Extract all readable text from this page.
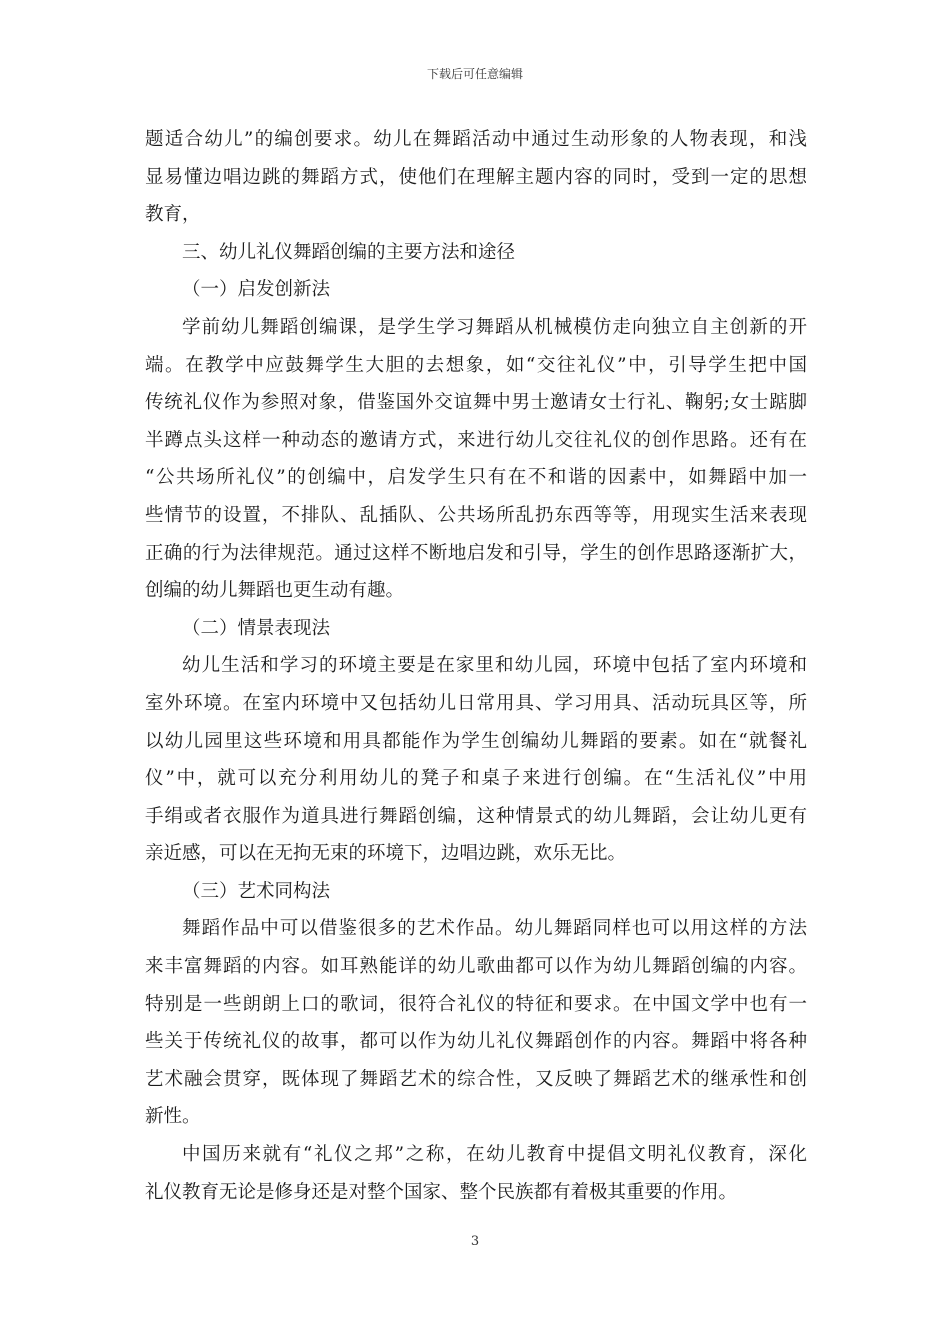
下载后可任意编辑
题适合幼儿”的编创要求。幼儿在舞蹈活动中通过生动形象的人物表现，和浅
显易懂边唱边跳的舞蹈方式，使他们在理解主题内容的同时，受到一定的思想
教育，
三、幼儿礼仪舞蹈创编的主要方法和途径
（一）启发创新法
学前幼儿舞蹈创编课，是学生学习舞蹈从机械模仿走向独立自主创新的开
端。在教学中应鼓舞学生大胆的去想象，如“交往礼仪”中，引导学生把中国
传统礼仪作为参照对象，借鉴国外交谊舞中男士邀请女士行礼、鞠躬;女士踮脚
半蹲点头这样一种动态的邀请方式，来进行幼儿交往礼仪的创作思路。还有在
“公共场所礼仪”的创编中，启发学生只有在不和谐的因素中，如舞蹈中加一
些情节的设置，不排队、乱插队、公共场所乱扔东西等等，用现实生活来表现
正确的行为法律规范。通过这样不断地启发和引导，学生的创作思路逐渐扩大，
创编的幼儿舞蹈也更生动有趣。
（二）情景表现法
幼儿生活和学习的环境主要是在家里和幼儿园，环境中包括了室内环境和
室外环境。在室内环境中又包括幼儿日常用具、学习用具、活动玩具区等，所
以幼儿园里这些环境和用具都能作为学生创编幼儿舞蹈的要素。如在“就餐礼
仪”中，就可以充分利用幼儿的凳子和桌子来进行创编。在“生活礼仪”中用
手绢或者衣服作为道具进行舞蹈创编，这种情景式的幼儿舞蹈，会让幼儿更有
亲近感，可以在无拘无束的环境下，边唱边跳，欢乐无比。
（三）艺术同构法
舞蹈作品中可以借鉴很多的艺术作品。幼儿舞蹈同样也可以用这样的方法
来丰富舞蹈的内容。如耳熟能详的幼儿歌曲都可以作为幼儿舞蹈创编的内容。
特别是一些朗朗上口的歌词，很符合礼仪的特征和要求。在中国文学中也有一
些关于传统礼仪的故事，都可以作为幼儿礼仪舞蹈创作的内容。舞蹈中将各种
艺术融会贯穿，既体现了舞蹈艺术的综合性，又反映了舞蹈艺术的继承性和创
新性。
中国历来就有“礼仪之邦”之称，在幼儿教育中提倡文明礼仪教育，深化
礼仪教育无论是修身还是对整个国家、整个民族都有着极其重要的作用。
3
